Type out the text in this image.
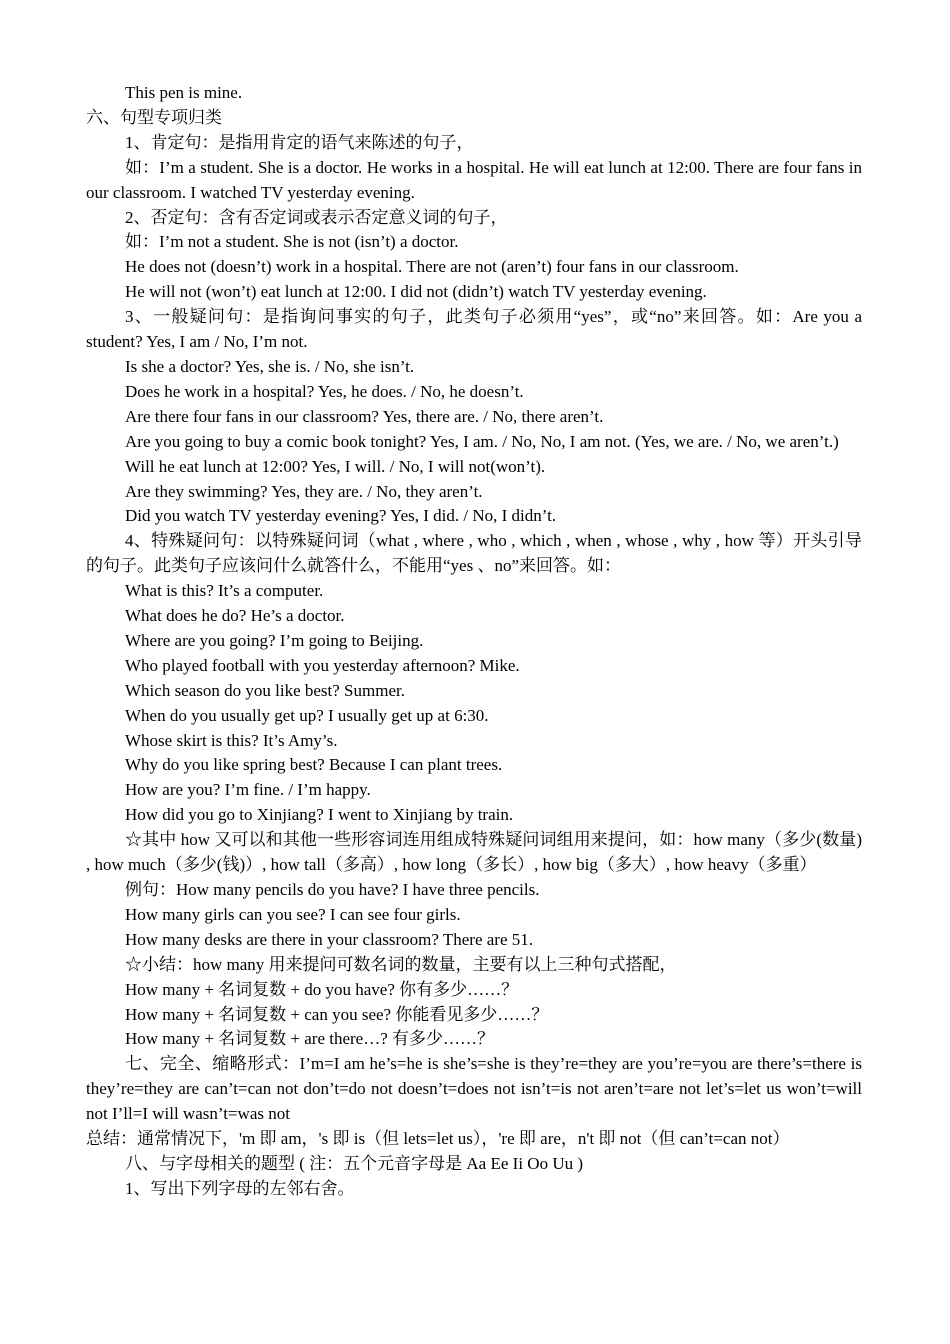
This pen is mine.

六、句型专项归类

1、肯定句：是指用肯定的语气来陈述的句子，

如：I’m a student. She is a doctor. He works in a hospital. He will eat lunch at 12:00. There are four fans in our classroom. I watched TV yesterday evening.

2、否定句：含有否定词或表示否定意义词的句子，

如：I’m not a student. She is not (isn’t) a doctor.

He does not (doesn’t) work in a hospital. There are not (aren’t) four fans in our classroom.

He will not (won’t) eat lunch at 12:00. I did not (didn’t) watch TV yesterday evening.

3、一般疑问句：是指询问事实的句子，此类句子必须用“yes”，或“no”来回答。如：Are you a student? Yes, I am / No, I’m not.

Is she a doctor? Yes, she is. / No, she isn’t.

Does he work in a hospital? Yes, he does. / No, he doesn’t.

Are there four fans in our classroom? Yes, there are. / No, there aren’t.

Are you going to buy a comic book tonight? Yes, I am. / No, No, I am not. (Yes, we are. / No, we aren’t.)

Will he eat lunch at 12:00? Yes, I will. / No, I will not(won’t).

Are they swimming? Yes, they are. / No, they aren’t.

Did you watch TV yesterday evening? Yes, I did. / No, I didn’t.

4、特殊疑问句：以特殊疑问词（what , where , who , which , when , whose , why , how 等）开头引导的句子。此类句子应该问什么就答什么，不能用“yes 、no”来回答。如：

What is this? It’s a computer.

What does he do? He’s a doctor.

Where are you going? I’m going to Beijing.

Who played football with you yesterday afternoon? Mike.

Which season do you like best? Summer.

When do you usually get up? I usually get up at 6:30.

Whose skirt is this? It’s Amy’s.

Why do you like spring best? Because I can plant trees.

How are you? I’m fine. / I’m happy.

How did you go to Xinjiang? I went to Xinjiang by train.

☆其中 how 又可以和其他一些形容词连用组成特殊疑问词组用来提问，如：how many（多少(数量) , how much（多少(钱)）, how tall（多高）, how long（多长）, how big（多大）, how heavy（多重）

例句：How many pencils do you have? I have three pencils.

How many girls can you see? I can see four girls.

How many desks are there in your classroom? There are 51.

☆小结：how many 用来提问可数名词的数量，主要有以上三种句式搭配，

How many + 名词复数 + do you have? 你有多少……？

How many + 名词复数 + can you see? 你能看见多少……？

How many + 名词复数 + are there…? 有多少……？

七、完全、缩略形式：I’m=I am he’s=he is she’s=she is they’re=they are you’re=you are there’s=there is they’re=they are can’t=can not don’t=do not doesn’t=does not isn’t=is not aren’t=are not let’s=let us won’t=will not I’ll=I will wasn’t=was not

总结：通常情况下，'m 即 am，'s 即 is（但 lets=let us），'re 即 are，n't 即 not（但 can’t=can not）

八、与字母相关的题型 ( 注：五个元音字母是 Aa Ee Ii Oo Uu )

1、写出下列字母的左邻右舍。
